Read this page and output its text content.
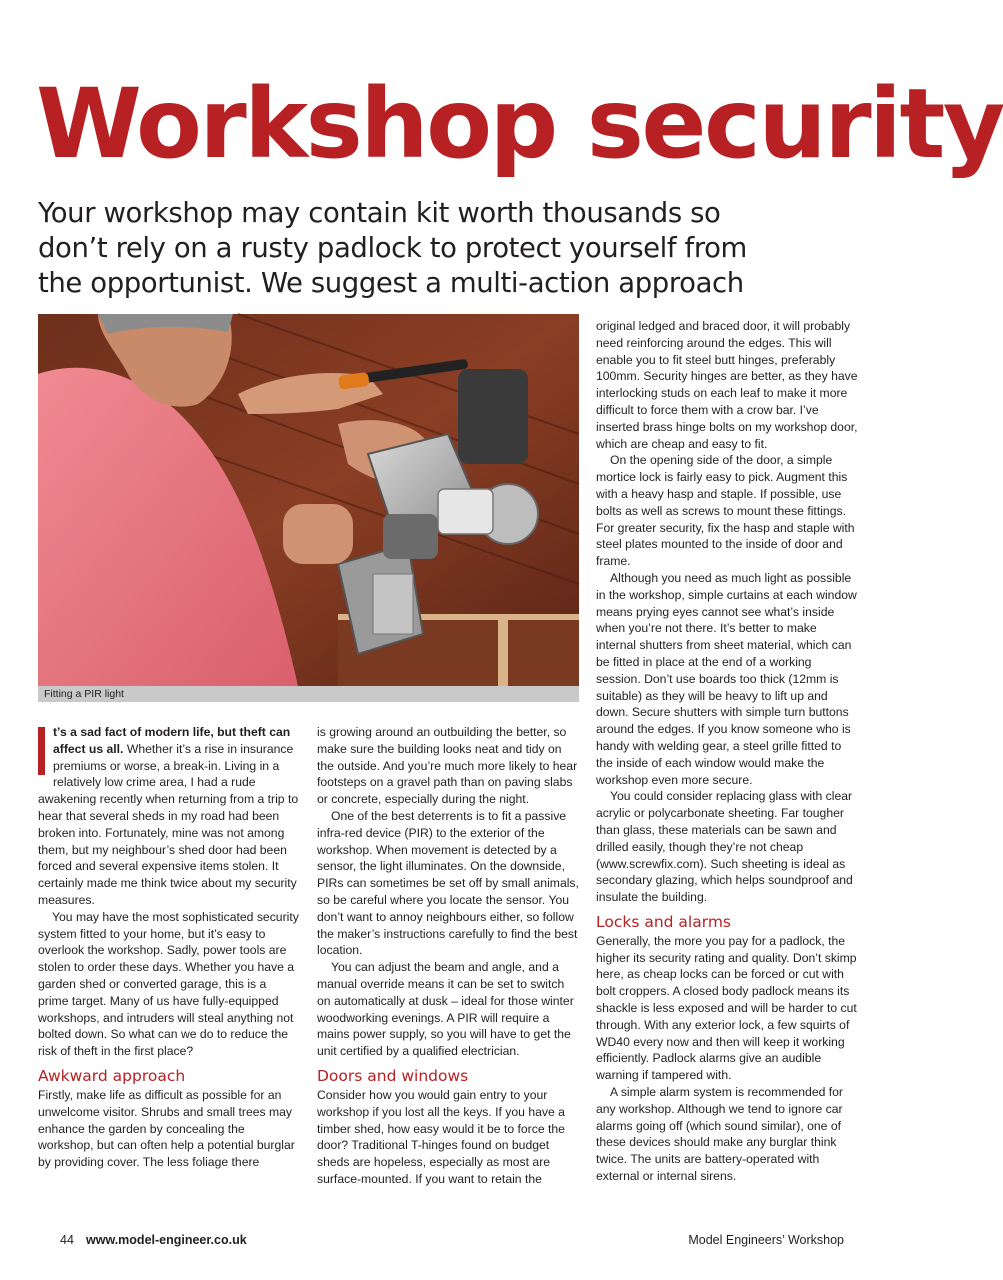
Workshop security
Your workshop may contain kit worth thousands so
don’t rely on a rusty padlock to protect yourself from
the opportunist. We suggest a multi-action approach
Fitting a PIR light

t’s a sad fact of modern life, but theft can affect us all. Whether it’s a rise in insurance premiums or worse, a break-in. Living in a relatively low crime area, I had a rude awakening recently when returning from a trip to hear that several sheds in my road had been broken into. Fortunately, mine was not among them, but my neighbour’s shed door had been forced and several expensive items stolen. It certainly made me think twice about my security measures.

You may have the most sophisticated security system fitted to your home, but it’s easy to overlook the workshop. Sadly, power tools are stolen to order these days. Whether you have a garden shed or converted garage, this is a prime target. Many of us have fully-equipped workshops, and intruders will steal anything not bolted down. So what can we do to reduce the risk of theft in the first place?

Awkward approach

Firstly, make life as difficult as possible for an unwelcome visitor. Shrubs and small trees may enhance the garden by concealing the workshop, but can often help a potential burglar by providing cover. The less foliage there

is growing around an outbuilding the better, so make sure the building looks neat and tidy on the outside. And you’re much more likely to hear footsteps on a gravel path than on paving slabs or concrete, especially during the night.

One of the best deterrents is to fit a passive infra-red device (PIR) to the exterior of the workshop. When movement is detected by a sensor, the light illuminates. On the downside, PIRs can sometimes be set off by small animals, so be careful where you locate the sensor. You don’t want to annoy neighbours either, so follow the maker’s instructions carefully to find the best location.

You can adjust the beam and angle, and a manual override means it can be set to switch on automatically at dusk – ideal for those winter woodworking evenings. A PIR will require a mains power supply, so you will have to get the unit certified by a qualified electrician.

Doors and windows

Consider how you would gain entry to your workshop if you lost all the keys. If you have a timber shed, how easy would it be to force the door? Traditional T-hinges found on budget sheds are hopeless, especially as most are surface-mounted. If you want to retain the

original ledged and braced door, it will probably need reinforcing around the edges. This will enable you to fit steel butt hinges, preferably 100mm. Security hinges are better, as they have interlocking studs on each leaf to make it more difficult to force them with a crow bar. I’ve inserted brass hinge bolts on my workshop door, which are cheap and easy to fit.

On the opening side of the door, a simple mortice lock is fairly easy to pick. Augment this with a heavy hasp and staple. If possible, use bolts as well as screws to mount these fittings. For greater security, fix the hasp and staple with steel plates mounted to the inside of door and frame.

Although you need as much light as possible in the workshop, simple curtains at each window means prying eyes cannot see what’s inside when you’re not there. It’s better to make internal shutters from sheet material, which can be fitted in place at the end of a working session. Don’t use boards too thick (12mm is suitable) as they will be heavy to lift up and down. Secure shutters with simple turn buttons around the edges. If you know someone who is handy with welding gear, a steel grille fitted to the inside of each window would make the workshop even more secure.

You could consider replacing glass with clear acrylic or polycarbonate sheeting. Far tougher than glass, these materials can be sawn and drilled easily, though they’re not cheap (www.screwfix.com). Such sheeting is ideal as secondary glazing, which helps soundproof and insulate the building.

Locks and alarms

Generally, the more you pay for a padlock, the higher its security rating and quality. Don’t skimp here, as cheap locks can be forced or cut with bolt croppers. A closed body padlock means its shackle is less exposed and will be harder to cut through. With any exterior lock, a few squirts of WD40 every now and then will keep it working efficiently. Padlock alarms give an audible warning if tampered with.

A simple alarm system is recommended for any workshop. Although we tend to ignore car alarms going off (which sound similar), one of these devices should make any burglar think twice. The units are battery-operated with external or internal sirens.

44 www.model-engineer.co.uk	Model Engineers’ Workshop
